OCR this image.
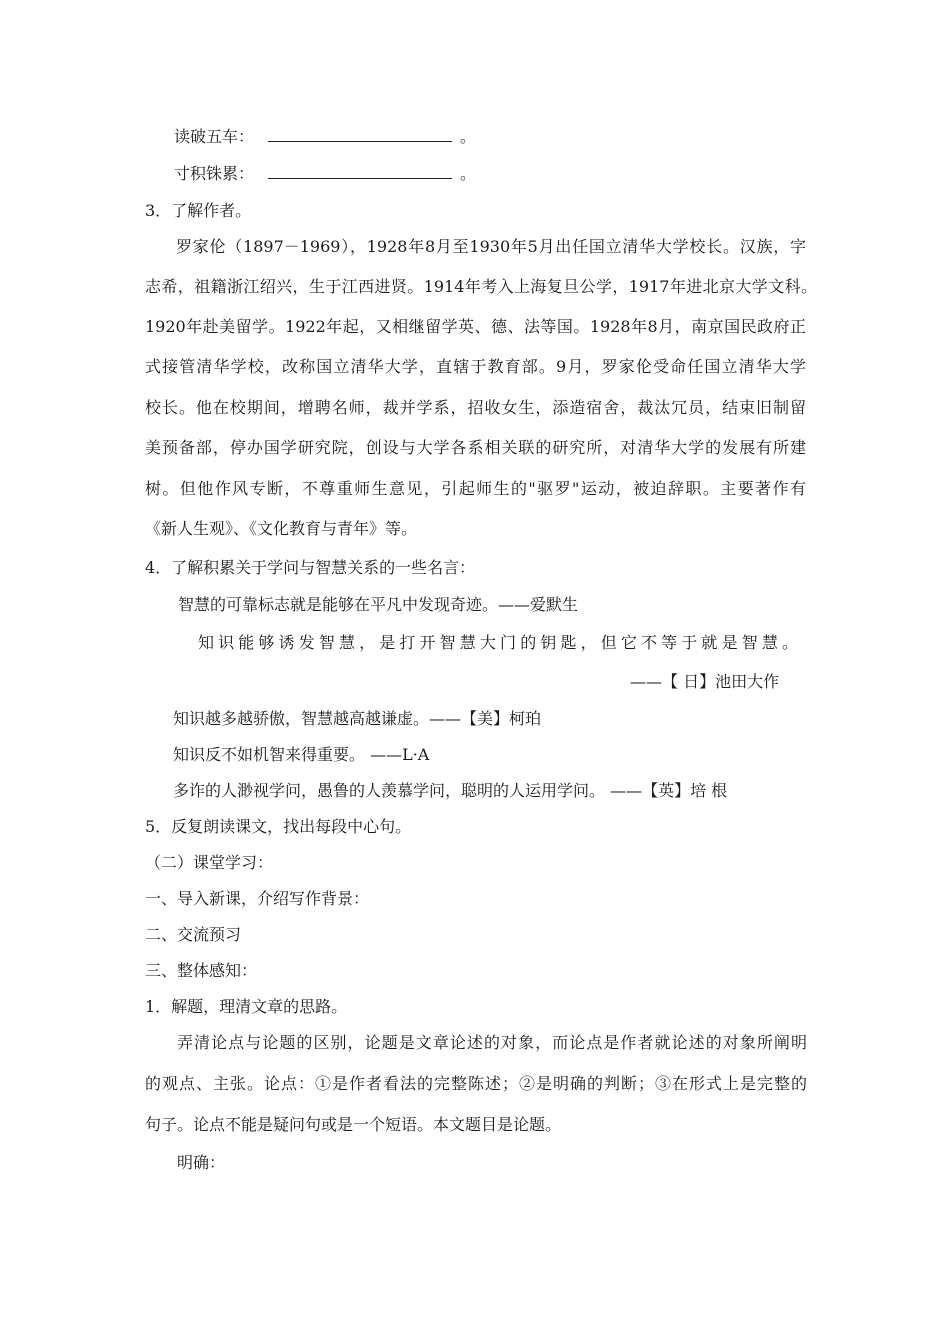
读破五车：	。
寸积铢累：	。
3．了解作者。
罗家伦（1897－1969），1928年8月至1930年5月出任国立清华大学校长。汉族，字
志希，祖籍浙江绍兴，生于江西进贤。1914年考入上海复旦公学，1917年进北京大学文科。
1920年赴美留学。1922年起，又相继留学英、德、法等国。1928年8月，南京国民政府正
式接管清华学校，改称国立清华大学，直辖于教育部。9月，罗家伦受命任国立清华大学
校长。他在校期间，增聘名师，裁并学系，招收女生，添造宿舍，裁汰冗员，结束旧制留
美预备部，停办国学研究院，创设与大学各系相关联的研究所，对清华大学的发展有所建
树。但他作风专断，不尊重师生意见，引起师生的"驱罗"运动，被迫辞职。主要著作有
《新人生观》、《文化教育与青年》等。
4．了解积累关于学问与智慧关系的一些名言：
智慧的可靠标志就是能够在平凡中发现奇迹。——爱默生
知识能够诱发智慧，是打开智慧大门的钥匙，但它不等于就是智慧。
——【 日】池田大作
知识越多越骄傲，智慧越高越谦虚。——【美】柯珀
知识反不如机智来得重要。 ——L·A
多诈的人渺视学问，愚鲁的人羡慕学问，聪明的人运用学问。 ——【英】培 根
5．反复朗读课文，找出每段中心句。
（二）课堂学习：
一、导入新课，介绍写作背景：
二、交流预习
三、整体感知：
1．解题，理清文章的思路。
弄清论点与论题的区别，论题是文章论述的对象，而论点是作者就论述的对象所阐明
的观点、主张。论点：①是作者看法的完整陈述；②是明确的判断；③在形式上是完整的
句子。论点不能是疑问句或是一个短语。本文题目是论题。
明确：
